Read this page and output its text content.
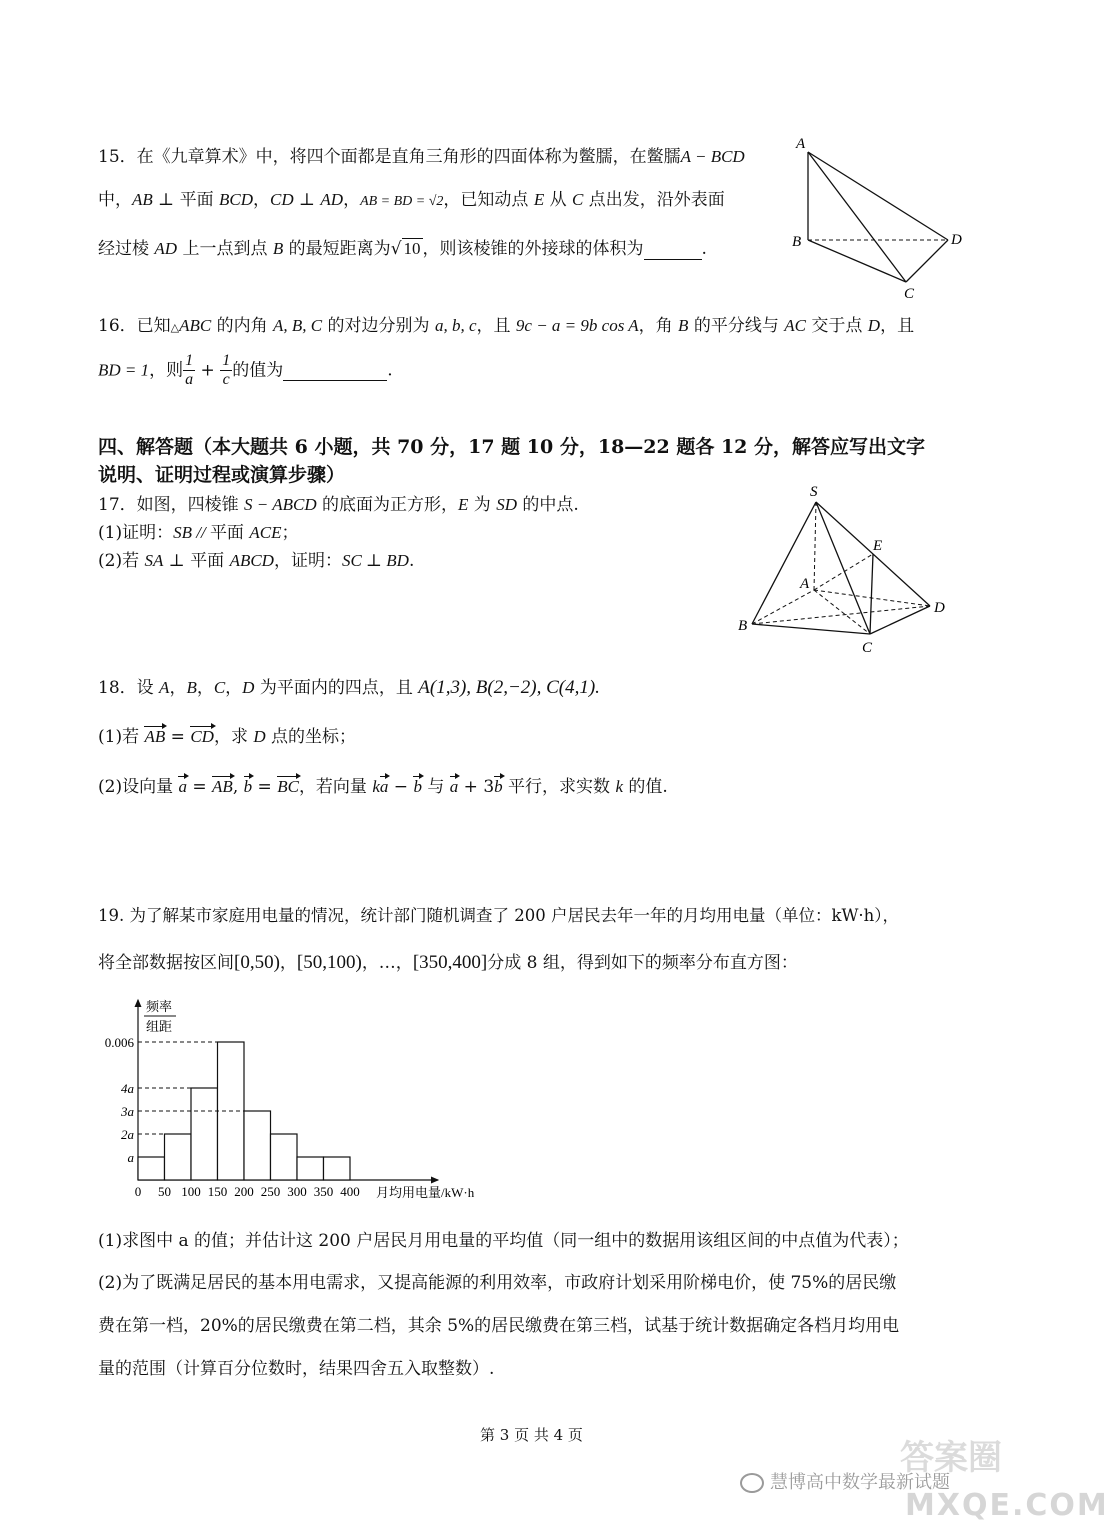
15．在《九章算术》中，将四个面都是直角三角形的四面体称为鳖臑，在鳖臑A − BCD
中，AB ⊥ 平面 BCD，CD ⊥ AD，AB = BD = √2，已知动点 E 从 C 点出发，沿外表面
经过棱 AD 上一点到点 B 的最短距离为√ 10 ，则该棱锥的外接球的体积为	.
A
B	D
C
16．已知△ABC 的内角 A, B, C 的对边分别为 a, b, c，且 9c − a = 9b cos A，角 B 的平分线与 AC 交于点 D，且
BD = 1，则 $\frac{1}{a} + \frac{1}{c}$ 的值为	.
四、解答题（本大题共 6 小题，共 70 分，17 题 10 分，18—22 题各 12 分，解答应写出文字
说明、证明过程或演算步骤）
17．如图，四棱锥 S − ABCD 的底面为正方形，E 为 SD 的中点.
(1)证明：SB // 平面 ACE；
(2)若 SA ⊥ 平面 ABCD，证明：SC ⊥ BD.
S
E
A
D
B
C
18．设 A，B，C，D 为平面内的四点，且 A(1,3), B(2,−2), C(4,1).
(1)若 AB = CD，求 D 点的坐标；
(2)设向量 a = AB, b = BC，若向量 ka − b 与 a + 3b 平行，求实数 k 的值.
19. 为了解某市家庭用电量的情况，统计部门随机调查了 200 户居民去年一年的月均用电量（单位：kW·h），
将全部数据按区间[0,50)，[50,100)，…，[350,400]分成 8 组，得到如下的频率分布直方图：
频率
组距
a
2a
3a
4a
0.006
0 50 100 150 200 250 300 350 400 月均用电量/kW·h
(1)求图中 a 的值；并估计这 200 户居民月用电量的平均值（同一组中的数据用该组区间的中点值为代表）；
(2)为了既满足居民的基本用电需求，又提高能源的利用效率，市政府计划采用阶梯电价，使 75%的居民缴
费在第一档，20%的居民缴费在第二档，其余 5%的居民缴费在第三档，试基于统计数据确定各档月均用电
量的范围（计算百分位数时，结果四舍五入取整数）.
第 3 页 共 4 页
慧博高中数学最新试题
答案圈
MXQE.COM
